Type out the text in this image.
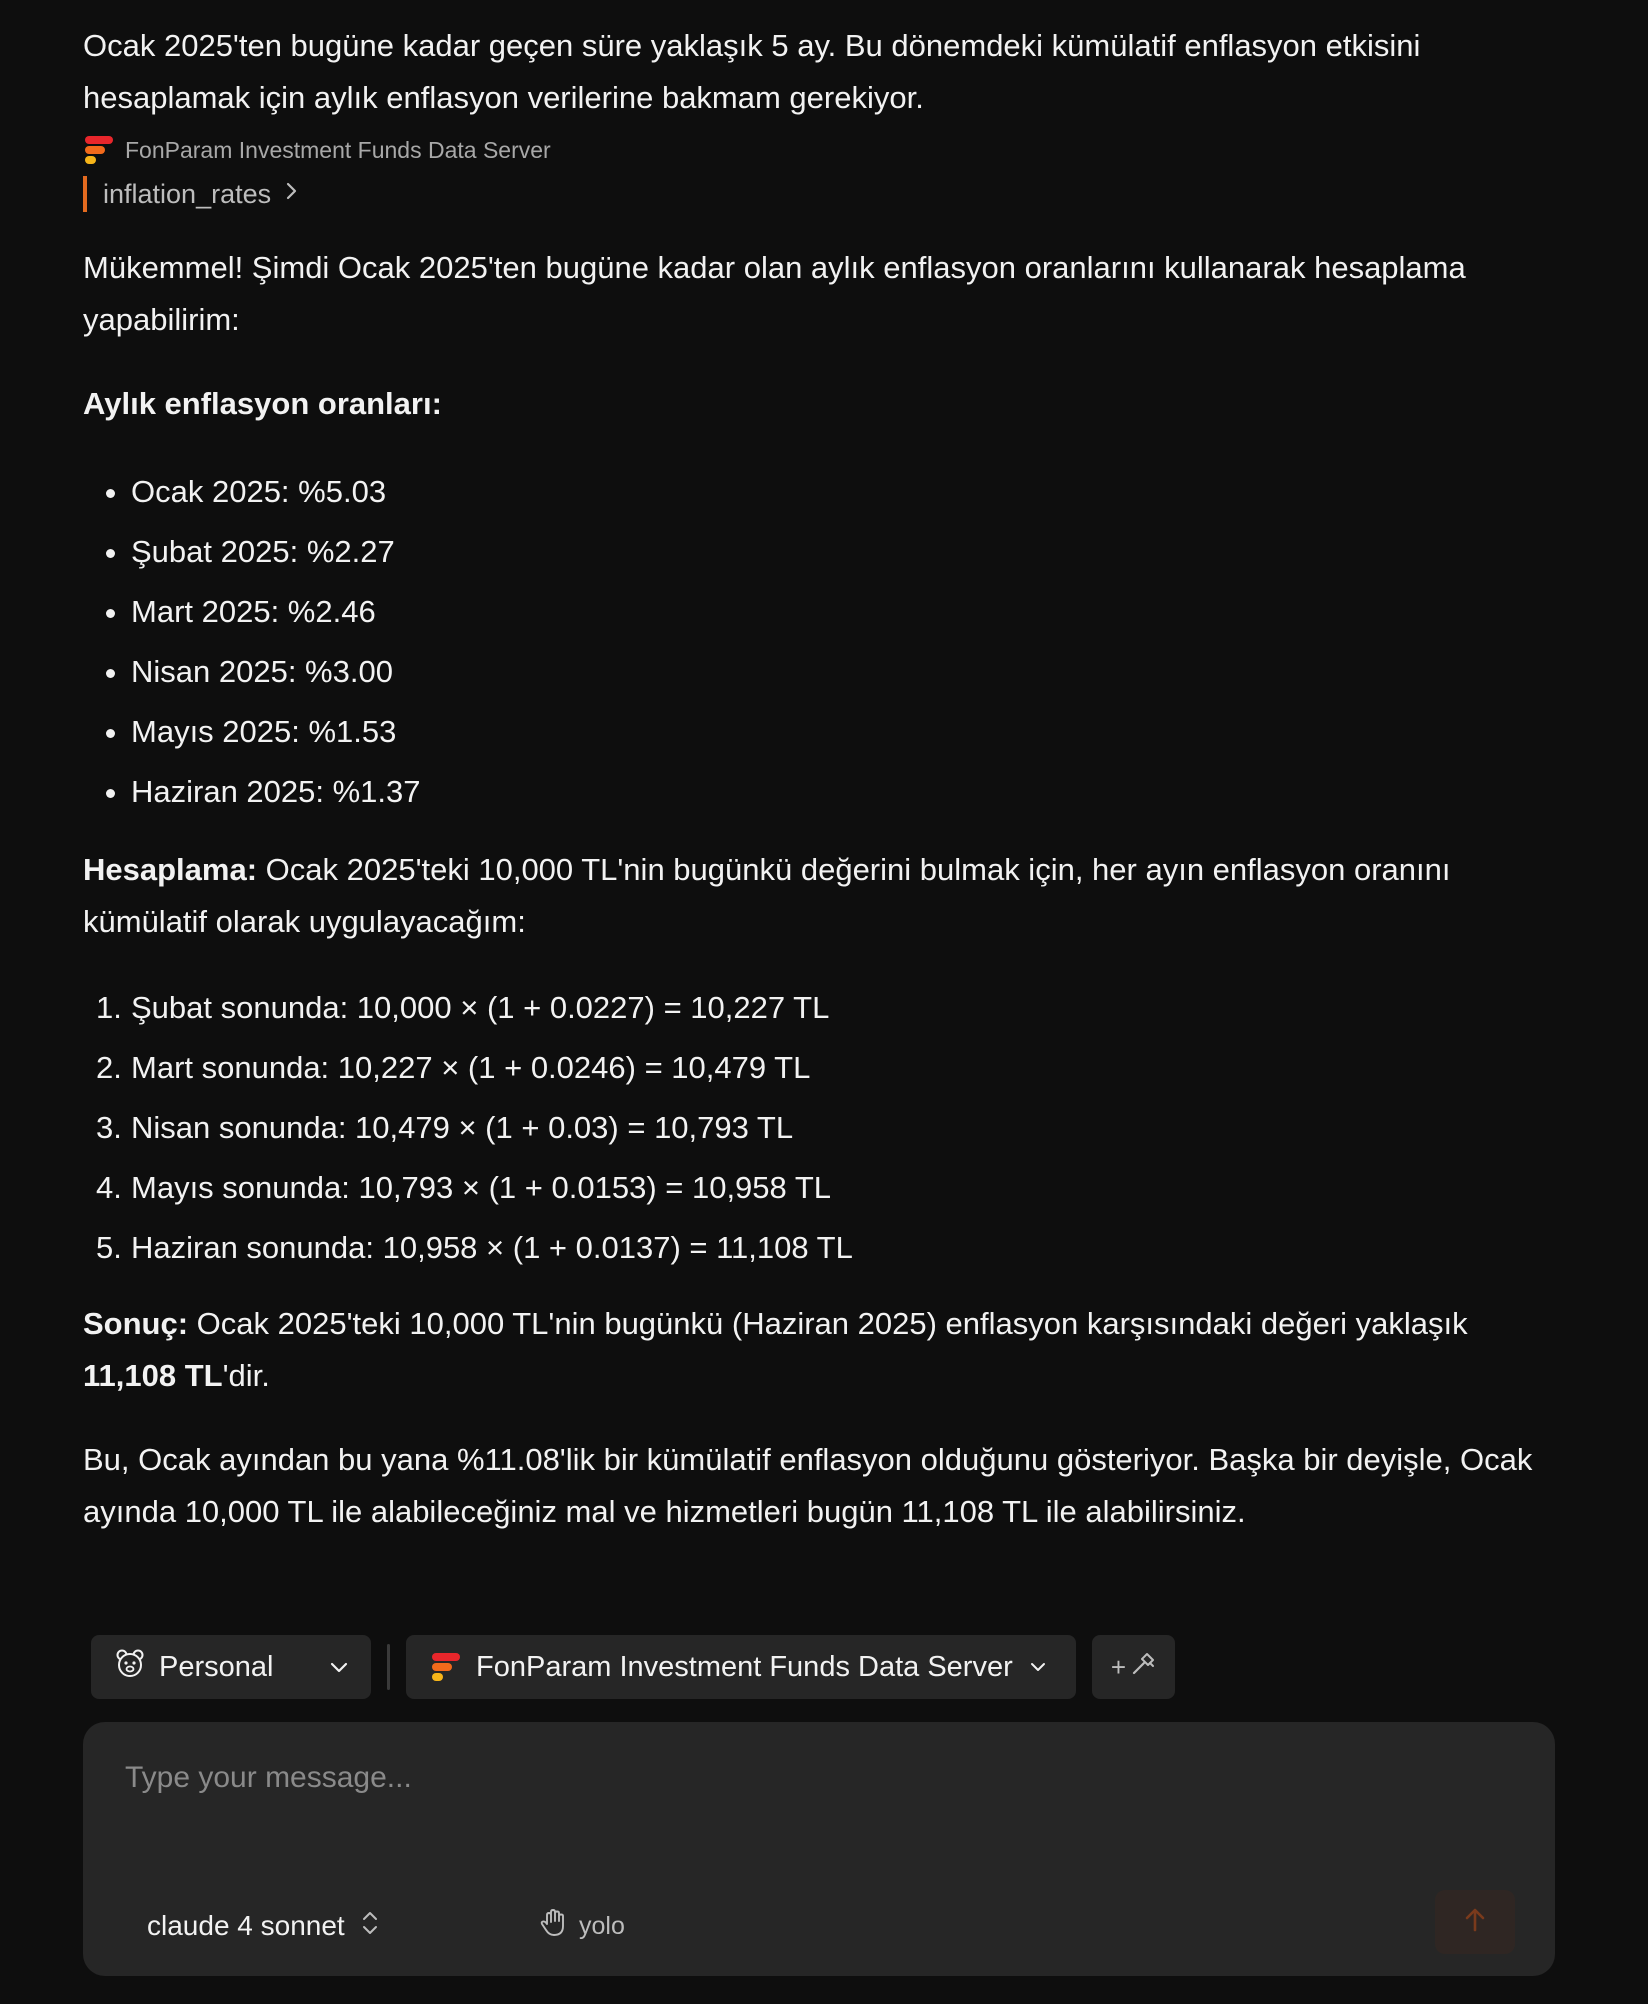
Ocak 2025'ten bugüne kadar geçen süre yaklaşık 5 ay. Bu dönemdeki kümülatif enflasyon etkisini hesaplamak için aylık enflasyon verilerine bakmam gerekiyor.

FonParam Investment Funds Data Server
inflation_rates

Mükemmel! Şimdi Ocak 2025'ten bugüne kadar olan aylık enflasyon oranlarını kullanarak hesaplama yapabilirim:

Aylık enflasyon oranları:

Ocak 2025: %5.03
Şubat 2025: %2.27
Mart 2025: %2.46
Nisan 2025: %3.00
Mayıs 2025: %1.53
Haziran 2025: %1.37

Hesaplama: Ocak 2025'teki 10,000 TL'nin bugünkü değerini bulmak için, her ayın enflasyon oranını kümülatif olarak uygulayacağım:

1. Şubat sonunda: 10,000 × (1 + 0.0227) = 10,227 TL
2. Mart sonunda: 10,227 × (1 + 0.0246) = 10,479 TL
3. Nisan sonunda: 10,479 × (1 + 0.03) = 10,793 TL
4. Mayıs sonunda: 10,793 × (1 + 0.0153) = 10,958 TL
5. Haziran sonunda: 10,958 × (1 + 0.0137) = 11,108 TL

Sonuç: Ocak 2025'teki 10,000 TL'nin bugünkü (Haziran 2025) enflasyon karşısındaki değeri yaklaşık 11,108 TL'dir.

Bu, Ocak ayından bu yana %11.08'lik bir kümülatif enflasyon olduğunu gösteriyor. Başka bir deyişle, Ocak ayında 10,000 TL ile alabileceğiniz mal ve hizmetleri bugün 11,108 TL ile alabilirsiniz.

Personal	FonParam Investment Funds Data Server	+
Type your message...
claude 4 sonnet	yolo
